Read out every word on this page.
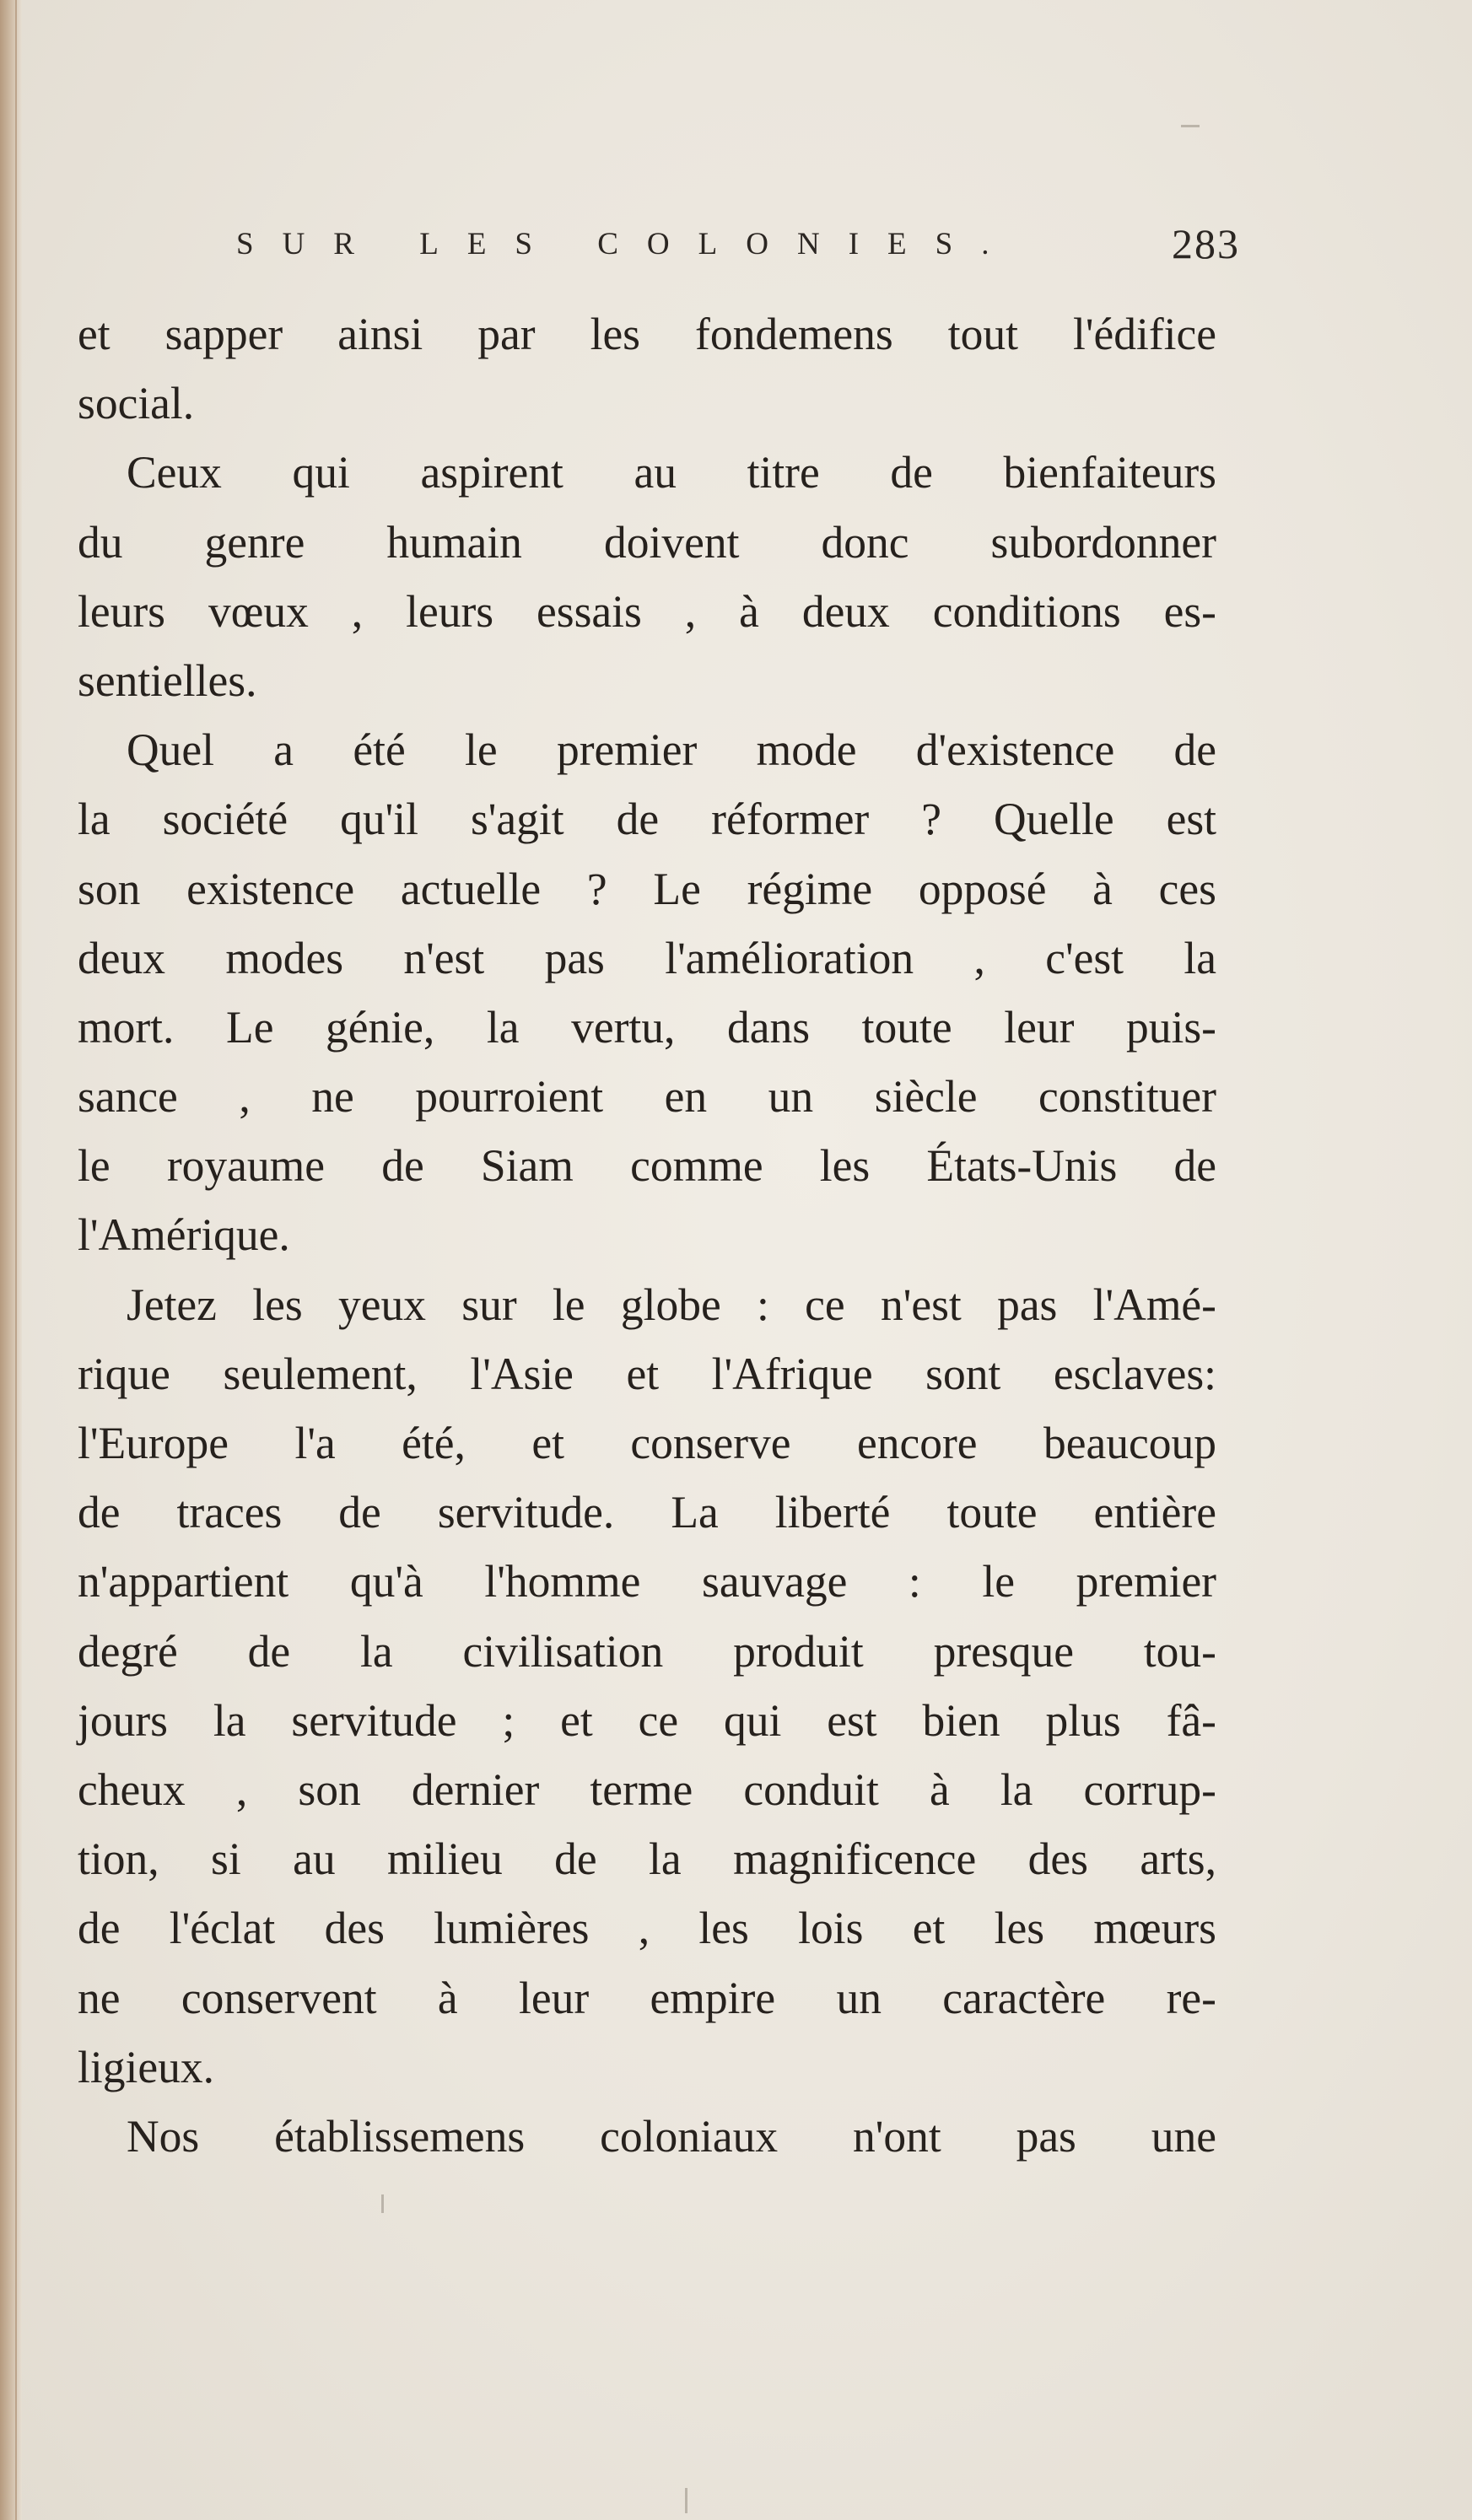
SUR LES COLONIES.	283
et sapper ainsi par les fondemens tout l'édifice
social.
Ceux qui aspirent au titre de bienfaiteurs
du genre humain doivent donc subordonner
leurs vœux , leurs essais , à deux conditions es-
sentielles.
Quel a été le premier mode d'existence de
la société qu'il s'agit de réformer ? Quelle est
son existence actuelle ? Le régime opposé à ces
deux modes n'est pas l'amélioration , c'est la
mort. Le génie, la vertu, dans toute leur puis-
sance , ne pourroient en un siècle constituer
le royaume de Siam comme les États-Unis de
l'Amérique.
Jetez les yeux sur le globe : ce n'est pas l'Amé-
rique seulement, l'Asie et l'Afrique sont esclaves:
l'Europe l'a été, et conserve encore beaucoup
de traces de servitude. La liberté toute entière
n'appartient qu'à l'homme sauvage : le premier
degré de la civilisation produit presque tou-
jours la servitude ; et ce qui est bien plus fâ-
cheux , son dernier terme conduit à la corrup-
tion, si au milieu de la magnificence des arts,
de l'éclat des lumières , les lois et les mœurs
ne conservent à leur empire un caractère re-
ligieux.
Nos établissemens coloniaux n'ont pas une
